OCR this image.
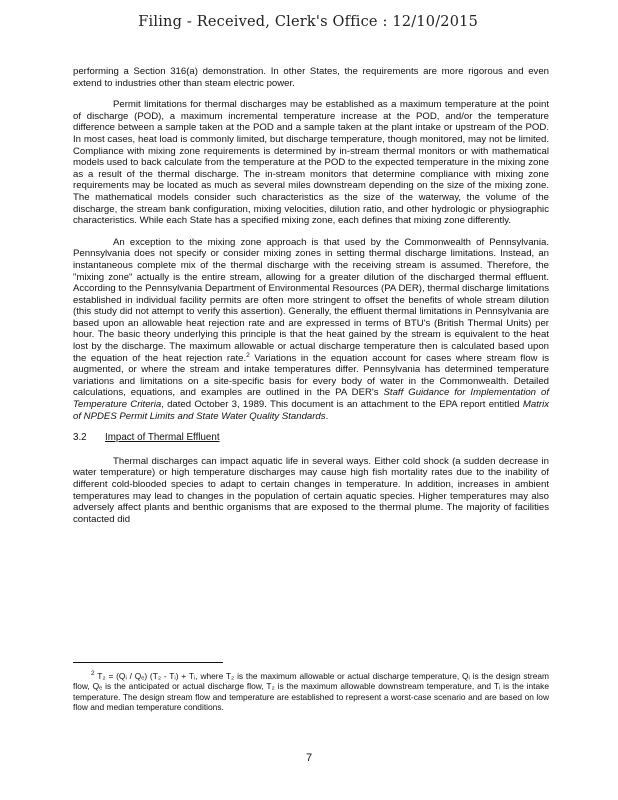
Filing - Received, Clerk's Office : 12/10/2015

performing a Section 316(a) demonstration. In other States, the requirements are more rigorous and even extend to industries other than steam electric power.

Permit limitations for thermal discharges may be established as a maximum temperature at the point of discharge (POD), a maximum incremental temperature increase at the POD, and/or the temperature difference between a sample taken at the POD and a sample taken at the plant intake or upstream of the POD. In most cases, heat load is commonly limited, but discharge temperature, though monitored, may not be limited. Compliance with mixing zone requirements is determined by in-stream thermal monitors or with mathematical models used to back calculate from the temperature at the POD to the expected temperature in the mixing zone as a result of the thermal discharge. The in-stream monitors that determine compliance with mixing zone requirements may be located as much as several miles downstream depending on the size of the mixing zone. The mathematical models consider such characteristics as the size of the waterway, the volume of the discharge, the stream bank configuration, mixing velocities, dilution ratio, and other hydrologic or physiographic characteristics. While each State has a specified mixing zone, each defines that mixing zone differently.

An exception to the mixing zone approach is that used by the Commonwealth of Pennsylvania. Pennsylvania does not specify or consider mixing zones in setting thermal discharge limitations. Instead, an instantaneous complete mix of the thermal discharge with the receiving stream is assumed. Therefore, the "mixing zone" actually is the entire stream, allowing for a greater dilution of the discharged thermal effluent. According to the Pennsylvania Department of Environmental Resources (PA DER), thermal discharge limitations established in individual facility permits are often more stringent to offset the benefits of whole stream dilution (this study did not attempt to verify this assertion). Generally, the effluent thermal limitations in Pennsylvania are based upon an allowable heat rejection rate and are expressed in terms of BTU's (British Thermal Units) per hour. The basic theory underlying this principle is that the heat gained by the stream is equivalent to the heat lost by the discharge. The maximum allowable or actual discharge temperature then is calculated based upon the equation of the heat rejection rate.$^2$ Variations in the equation account for cases where stream flow is augmented, or where the stream and intake temperatures differ. Pennsylvania has determined temperature variations and limitations on a site-specific basis for every body of water in the Commonwealth. Detailed calculations, equations, and examples are outlined in the PA DER's Staff Guidance for Implementation of Temperature Criteria, dated October 3, 1989. This document is an attachment to the EPA report entitled Matrix of NPDES Permit Limits and State Water Quality Standards.

3.2 Impact of Thermal Effluent

Thermal discharges can impact aquatic life in several ways. Either cold shock (a sudden decrease in water temperature) or high temperature discharges may cause high fish mortality rates due to the inability of different cold-blooded species to adapt to certain changes in temperature. In addition, increases in ambient temperatures may lead to changes in the population of certain aquatic species. Higher temperatures may also adversely affect plants and benthic organisms that are exposed to the thermal plume. The majority of facilities contacted did

$^2$ T₂ = (Qᵢ / Qₑ) (T₂ - Tᵢ) + Tᵢ, where T₂ is the maximum allowable or actual discharge temperature, Qᵢ is the design stream flow, Qₑ is the anticipated or actual discharge flow, T₂ is the maximum allowable downstream temperature, and Tᵢ is the intake temperature. The design stream flow and temperature are established to represent a worst-case scenario and are based on low flow and median temperature conditions.
7
